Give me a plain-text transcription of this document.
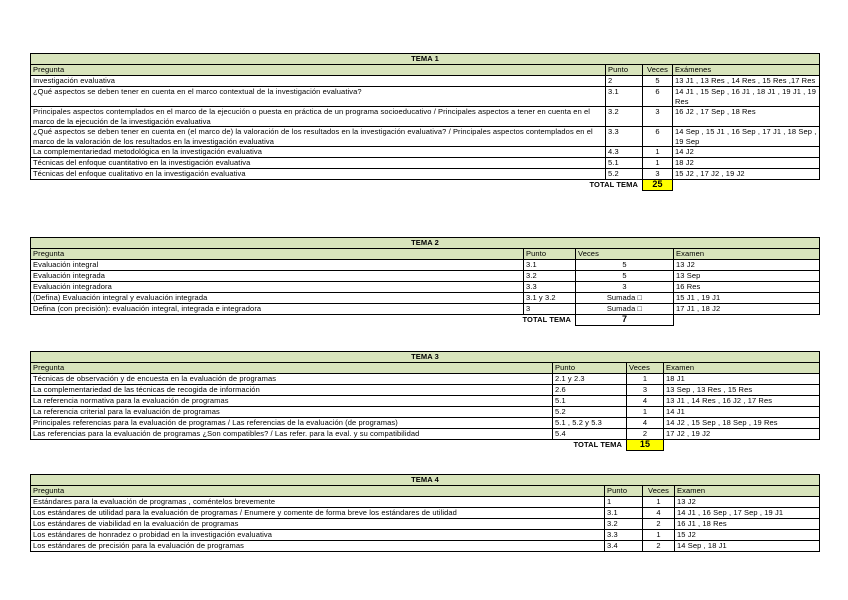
TEMA 1			
Pregunta	Punto	Veces	Exámenes
Investigación evaluativa	2	5	13 J1 , 13 Res , 14 Res , 15 Res ,17 Res
¿Qué aspectos se deben tener en cuenta en el marco contextual de la investigación evaluativa?	3.1	6	14 J1 , 15 Sep , 16 J1 , 18 J1 , 19 J1 , 19 Res
Principales aspectos contemplados en el marco de la ejecución o puesta en práctica de un programa socioeducativo / Principales aspectos a tener en cuenta en el marco de la ejecución de la investigación evaluativa	3.2	3	16 J2 , 17 Sep , 18 Res
¿Qué aspectos se deben tener en cuenta en (el marco de) la valoración de los resultados en la investigación evaluativa? / Principales aspectos contemplados en el marco de la valoración de los resultados en la investigación evaluativa	3.3	6	14 Sep , 15 J1 , 16 Sep , 17 J1 , 18 Sep , 19 Sep
La complementariedad metodológica en la investigación evaluativa	4.3	1	14 J2
Técnicas del enfoque cuantitativo en la investigación evaluativa	5.1	1	18 J2
Técnicas del enfoque cualitativo en la investigación evaluativa	5.2	3	15 J2 , 17 J2 , 19 J2
TOTAL TEMA		25	
TEMA 2			
Pregunta	Punto	Veces	Examen
Evaluación integral	3.1	5	13 J2
Evaluación integrada	3.2	5	13 Sep
Evaluación integradora	3.3	3	16 Res
(Defina) Evaluación integral y evaluación integrada	3.1 y 3.2	Sumada □	15 J1 , 19 J1
Defina (con precisión): evaluación integral, integrada e integradora	3	Sumada □	17 J1 , 18 J2
TOTAL TEMA		7	
TEMA 3			
Pregunta	Punto	Veces	Examen
Técnicas de observación y de encuesta en la evaluación de programas	2.1 y 2.3	1	18 J1
La complementariedad de las técnicas de recogida de información	2.6	3	13 Sep , 13 Res , 15 Res
La referencia normativa para la evaluación de programas	5.1	4	13 J1 , 14 Res , 16 J2 , 17 Res
La referencia criterial para la evaluación de programas	5.2	1	14 J1
Principales referencias para la evaluación de programas / Las referencias de la evaluación (de programas)	5.1 , 5.2 y 5.3	4	14 J2 , 15 Sep , 18 Sep , 19 Res
Las referencias para la evaluación de programas ¿Son compatibles? / Las refer. para la eval. y su compatibilidad	5.4	2	17 J2 , 19 J2
TOTAL TEMA		15	
TEMA 4			
Pregunta	Punto	Veces	Examen
Estándares para la evaluación de programas , coméntelos brevemente	1	1	13 J2
Los estándares de utilidad para la evaluación de programas / Enumere y comente de forma breve los estándares de utilidad	3.1	4	14 J1 , 16 Sep , 17 Sep , 19 J1
Los estándares de viabilidad en la evaluación de programas	3.2	2	16 J1 , 18 Res
Los estándares de honradez o probidad en la investigación evaluativa	3.3	1	15 J2
Los estándares de precisión para la evaluación de programas	3.4	2	14 Sep , 18 J1
